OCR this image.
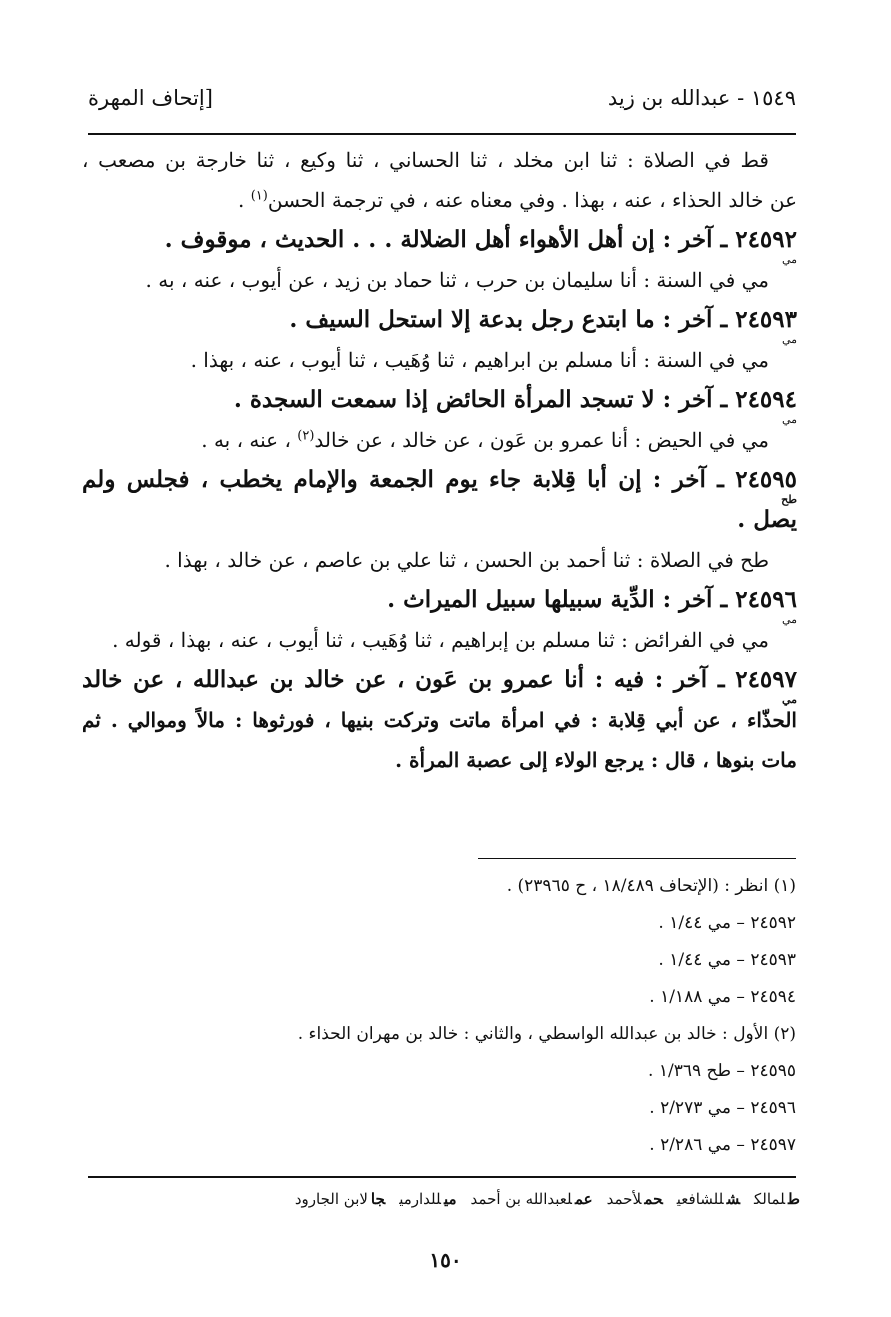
١٥٤٩ - عبدالله بن زيد
[إتحاف المهرة
قط في الصلاة : ثنا ابن مخلد ، ثنا الحساني ، ثنا وكيع ، ثنا خارجة بن مصعب ،
عن خالد الحذاء ، عنه ، بهذا . وفي معناه عنه ، في ترجمة الحسن$^{(١)}$ .
٢٤٥٩٢ ـ آخر : إن أهل الأهواء أهل الضلالة . . . الحديث ، موقوف .
مي
مي في السنة : أنا سليمان بن حرب ، ثنا حماد بن زيد ، عن أيوب ، عنه ، به .
٢٤٥٩٣ ـ آخر : ما ابتدع رجل بدعة إلا استحل السيف .
مي
مي في السنة : أنا مسلم بن ابراهيم ، ثنا وُهَيب ، ثنا أيوب ، عنه ، بهذا .
٢٤٥٩٤ ـ آخر : لا تسجد المرأة الحائض إذا سمعت السجدة .
مي
مي في الحيض : أنا عمرو بن عَون ، عن خالد ، عن خالد$^{(٢)}$ ، عنه ، به .
٢٤٥٩٥ ـ آخر : إن أبا قِلابة جاء يوم الجمعة والإمام يخطب ، فجلس ولم
طح
يصل .
طح في الصلاة : ثنا أحمد بن الحسن ، ثنا علي بن عاصم ، عن خالد ، بهذا .
٢٤٥٩٦ ـ آخر : الدِّية سبيلها سبيل الميراث .
مي
مي في الفرائض : ثنا مسلم بن إبراهيم ، ثنا وُهَيب ، ثنا أيوب ، عنه ، بهذا ، قوله .
٢٤٥٩٧ ـ آخر : فيه : أنا عمرو بن عَون ، عن خالد بن عبدالله ، عن خالد
مي
الحذّاء ، عن أبي قِلابة : في امرأة ماتت وتركت بنيها ، فورثوها : مالاً وموالي . ثم
مات بنوها ، قال : يرجع الولاء إلى عصبة المرأة .
(١) انظر : (الإتحاف ١٨/٤٨٩ ، ح ٢٣٩٦٥) .
٢٤٥٩٢ – مي ١/٤٤ .
٢٤٥٩٣ – مي ١/٤٤ .
٢٤٥٩٤ – مي ١/١٨٨ .
(٢) الأول : خالد بن عبدالله الواسطي ، والثاني : خالد بن مهران الحذاء .
٢٤٥٩٥ – طح ١/٣٦٩ .
٢٤٥٩٦ – مي ٢/٢٧٣ .
٢٤٥٩٧ – مي ٢/٢٨٦ .
طلمالكشللشافعيحملأحمدعملعبدالله بن أحمدميللدارميجالابن الجارود
١٥٠
